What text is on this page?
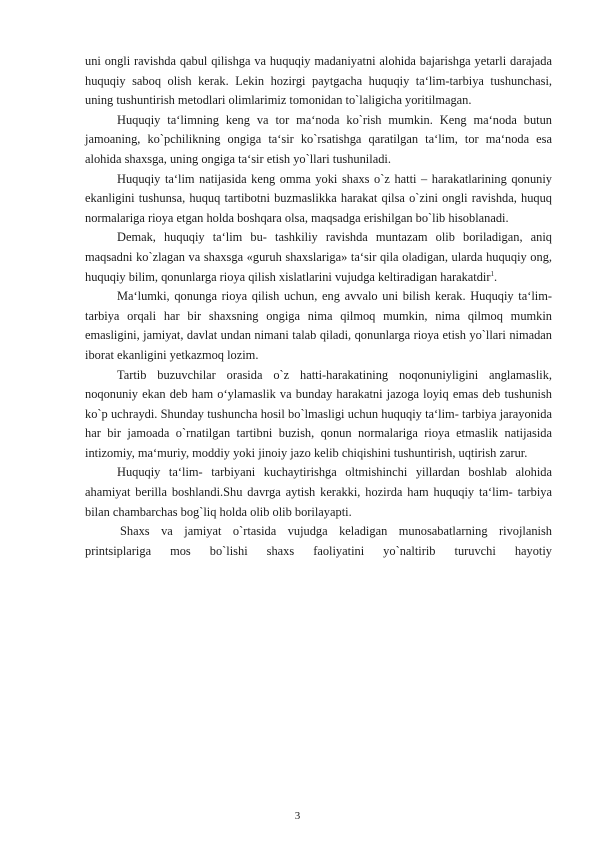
uni ongli ravishda qabul qilishga va huquqiy madaniyatni alohida bajarishga yetarli darajada huquqiy saboq olish kerak. Lekin hozirgi paytgacha huquqiy ta‘lim-tarbiya tushunchasi, uning tushuntirish metodlari olimlarimiz tomonidan to`laligicha yoritilmagan.

Huquqiy ta‘limning keng va tor ma‘noda ko`rish mumkin. Keng ma‘noda butun jamoaning, ko`pchilikning ongiga ta‘sir ko`rsatishga qaratilgan ta‘lim, tor ma‘noda esa alohida shaxsga, uning ongiga ta‘sir etish yo`llari tushuniladi.

Huquqiy ta‘lim natijasida keng omma yoki shaxs o`z hatti – harakatlarining qonuniy ekanligini tushunsa, huquq tartibotni buzmaslikka harakat qilsa o`zini ongli ravishda, huquq normalariga rioya etgan holda boshqara olsa, maqsadga erishilgan bo`lib hisoblanadi.

Demak, huquqiy ta‘lim bu- tashkiliy ravishda muntazam olib boriladigan, aniq maqsadni ko`zlagan va shaxsga «guruh shaxslariga» ta‘sir qila oladigan, ularda huquqiy ong, huquqiy bilim, qonunlarga rioya qilish xislatlarini vujudga keltiradigan harakatdir$^1$.

Ma‘lumki, qonunga rioya qilish uchun, eng avvalo uni bilish kerak. Huquqiy ta‘lim- tarbiya orqali har bir shaxsning ongiga nima qilmoq mumkin, nima qilmoq mumkin emasligini, jamiyat, davlat undan nimani talab qiladi, qonunlarga rioya etish yo`llari nimadan iborat ekanligini yetkazmoq lozim.

Tartib buzuvchilar orasida o`z hatti-harakatining noqonuniyligini anglamaslik, noqonuniy ekan deb ham o‘ylamaslik va bunday harakatni jazoga loyiq emas deb tushunish ko`p uchraydi. Shunday tushuncha hosil bo`lmasligi uchun huquqiy ta‘lim- tarbiya jarayonida har bir jamoada o`rnatilgan tartibni buzish, qonun normalariga rioya etmaslik natijasida intizomiy, ma‘muriy, moddiy yoki jinoiy jazo kelib chiqishini tushuntirish, uqtirish zarur.

Huquqiy ta‘lim- tarbiyani kuchaytirishga oltmishinchi yillardan boshlab alohida ahamiyat berilla boshlandi.Shu davrga aytish kerakki, hozirda ham huquqiy ta‘lim- tarbiya bilan chambarchas bog`liq holda olib olib borilayapti.

Shaxs va jamiyat o`rtasida vujudga keladigan munosabatlarning rivojlanish printsiplariga mos bo`lishi shaxs faoliyatini yo`naltirib turuvchi hayotiy

3
